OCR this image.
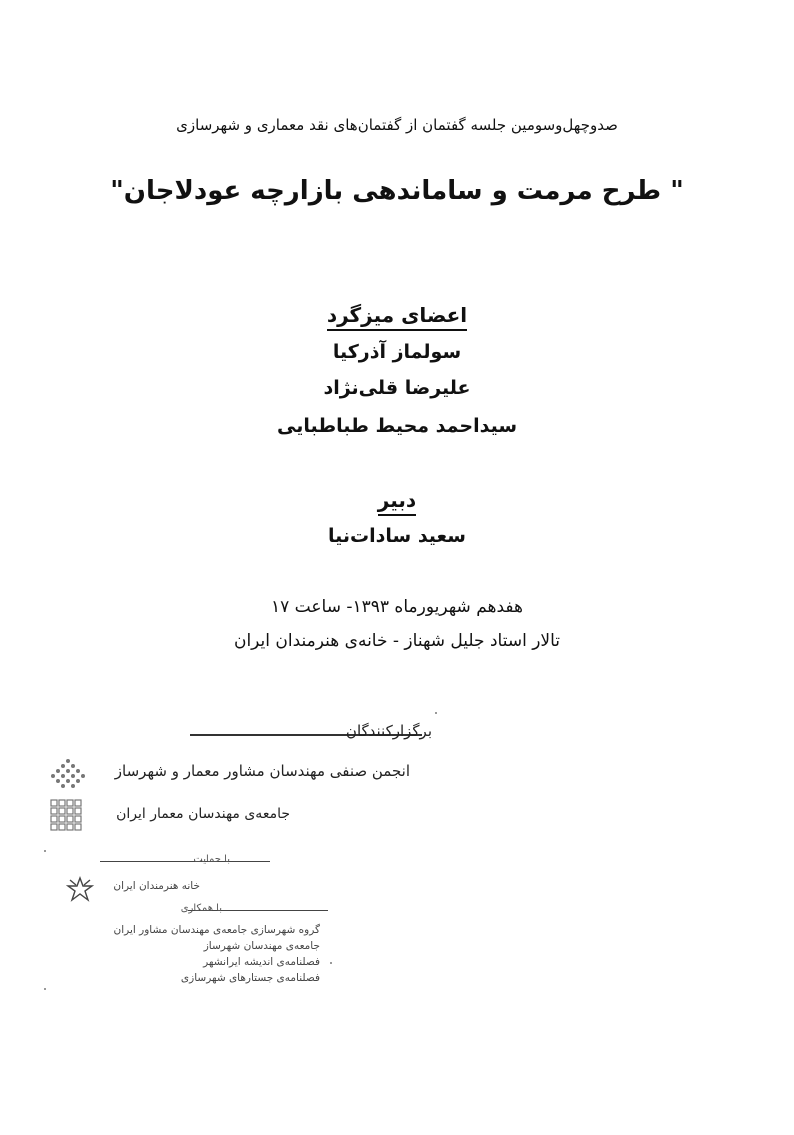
صدوچهل‌وسومین جلسه گفتمان از گفتمان‌های نقد معماری و شهرسازی
" طرح مرمت و ساماندهی بازارچه عودلاجان"
اعضای میزگرد
سولماز آذرکیا
علیرضا قلی‌نژاد
سیداحمد محیط طباطبایی
دبیر
سعید سادات‌نیا
هفدهم شهریورماه ۱۳۹۳- ساعت ۱۷
تالار استاد جلیل شهناز - خانه‌ی هنرمندان ایران
برگزارکنندگان
انجمن صنفی مهندسان مشاور معمار و شهرساز
جامعه‌ی مهندسان معمار ایران
با حمایت
خانه هنرمندان ایران
با همکاری
گروه شهرسازی جامعه‌ی مهندسان مشاور ایران
جامعه‌ی مهندسان شهرساز
فصلنامه‌ی اندیشه ایرانشهر
فصلنامه‌ی جستارهای شهرسازی
